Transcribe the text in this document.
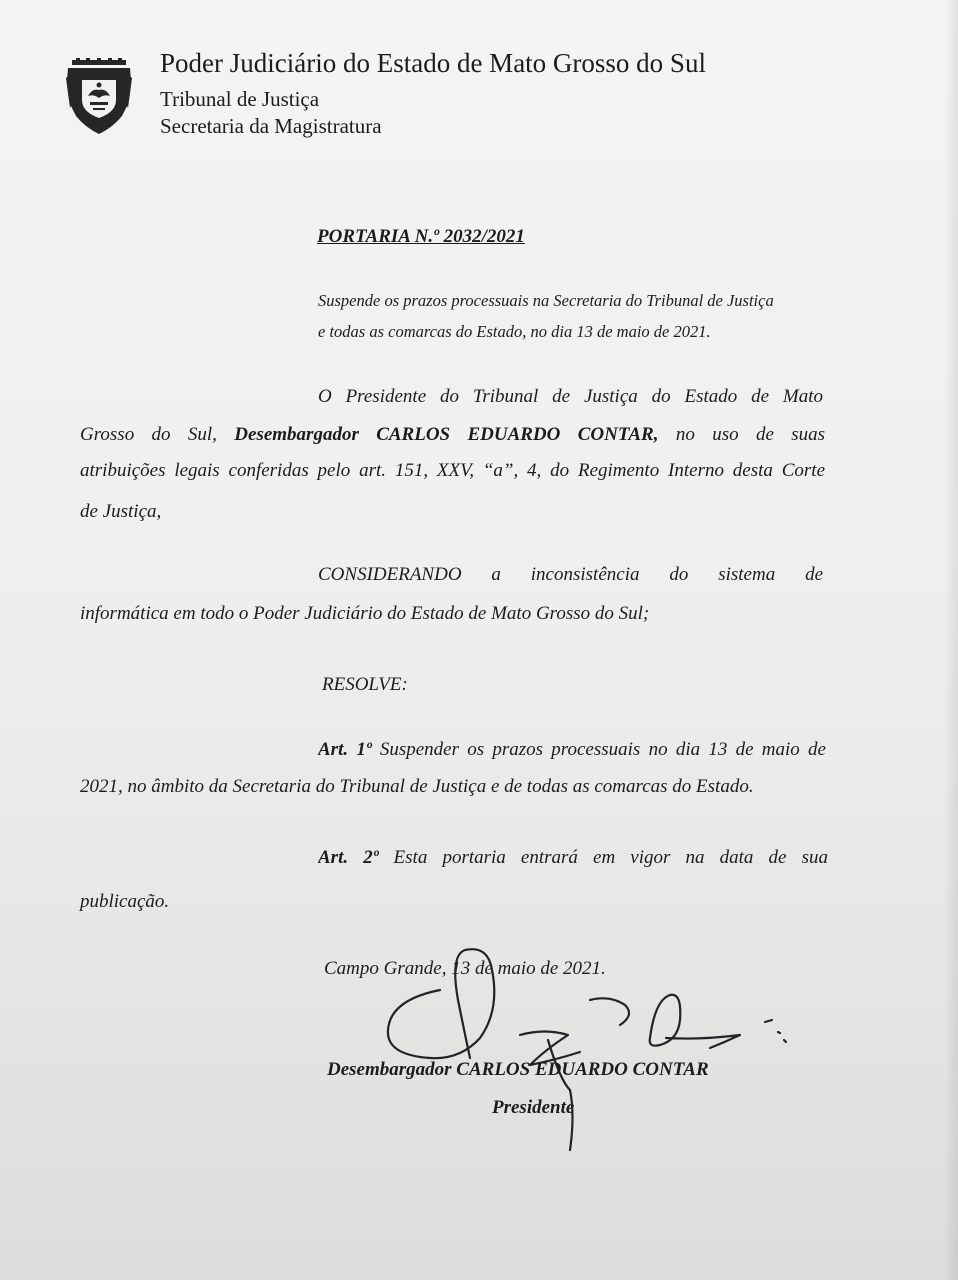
Poder Judiciário do Estado de Mato Grosso do Sul
Tribunal de Justiça
Secretaria da Magistratura
PORTARIA N.º 2032/2021
Suspende os prazos processuais na Secretaria do Tribunal de Justiça
e todas as comarcas do Estado, no dia 13 de maio de 2021.
O Presidente do Tribunal de Justiça do Estado de Mato
Grosso do Sul, Desembargador CARLOS EDUARDO CONTAR, no uso de suas
atribuições legais conferidas pelo art. 151, XXV, “a”, 4, do Regimento Interno desta Corte
de Justiça,
CONSIDERANDO a inconsistência do sistema de
informática em todo o Poder Judiciário do Estado de Mato Grosso do Sul;
RESOLVE:
Art. 1º Suspender os prazos processuais no dia 13 de maio de
2021, no âmbito da Secretaria do Tribunal de Justiça e de todas as comarcas do Estado.
Art. 2º Esta portaria entrará em vigor na data de sua
publicação.
Campo Grande, 13 de maio de 2021.
Desembargador CARLOS EDUARDO CONTAR
Presidente
